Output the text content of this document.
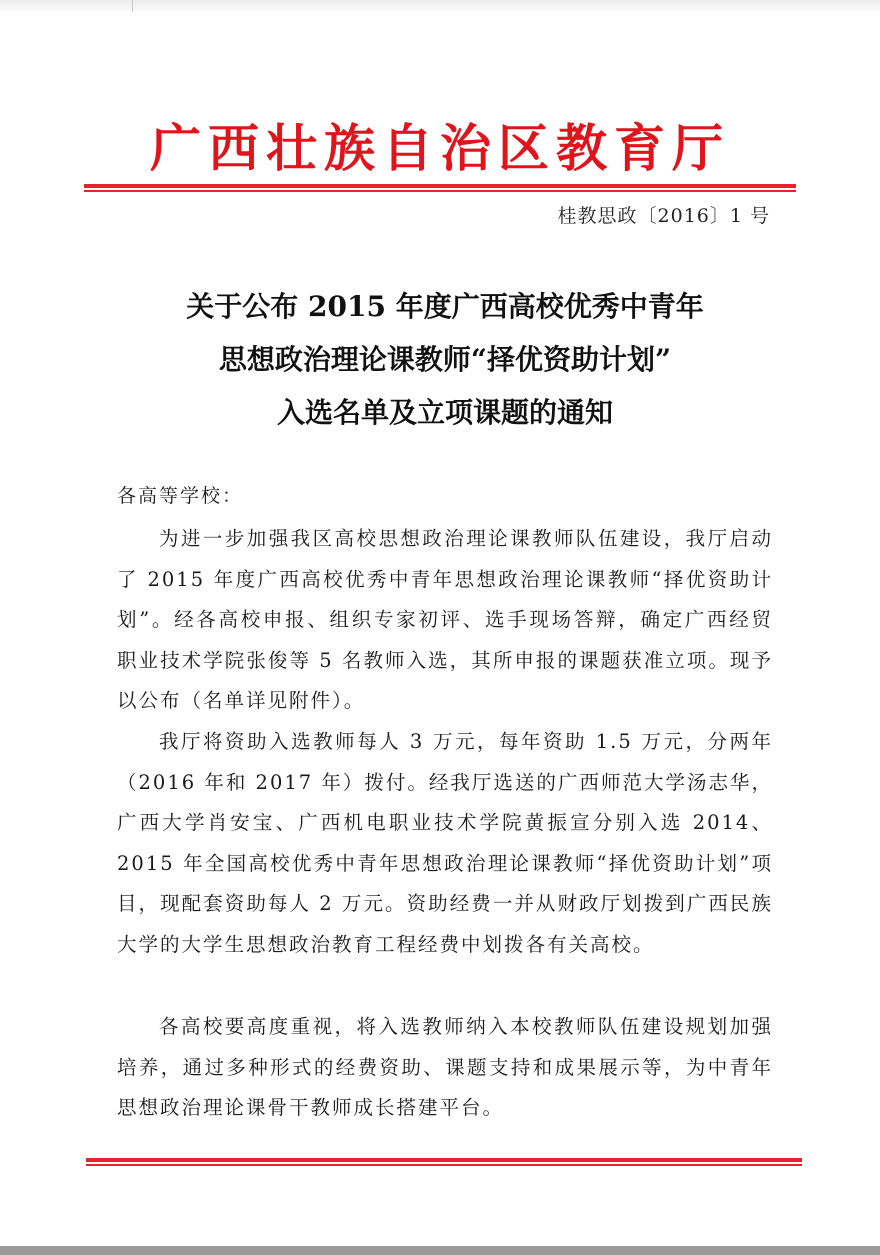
广西壮族自治区教育厅
桂教思政〔2016〕1 号
关于公布 2015 年度广西高校优秀中青年
思想政治理论课教师“择优资助计划”
入选名单及立项课题的通知
各高等学校：
为进一步加强我区高校思想政治理论课教师队伍建设，我厅启动了 2015 年度广西高校优秀中青年思想政治理论课教师“择优资助计划”。经各高校申报、组织专家初评、选手现场答辩，确定广西经贸职业技术学院张俊等 5 名教师入选，其所申报的课题获准立项。现予以公布（名单详见附件）。
我厅将资助入选教师每人 3 万元，每年资助 1.5 万元，分两年（2016 年和 2017 年）拨付。经我厅选送的广西师范大学汤志华，广西大学肖安宝、广西机电职业技术学院黄振宣分别入选 2014、2015 年全国高校优秀中青年思想政治理论课教师“择优资助计划”项目，现配套资助每人 2 万元。资助经费一并从财政厅划拨到广西民族大学的大学生思想政治教育工程经费中划拨各有关高校。
各高校要高度重视，将入选教师纳入本校教师队伍建设规划加强培养，通过多种形式的经费资助、课题支持和成果展示等，为中青年思想政治理论课骨干教师成长搭建平台。
